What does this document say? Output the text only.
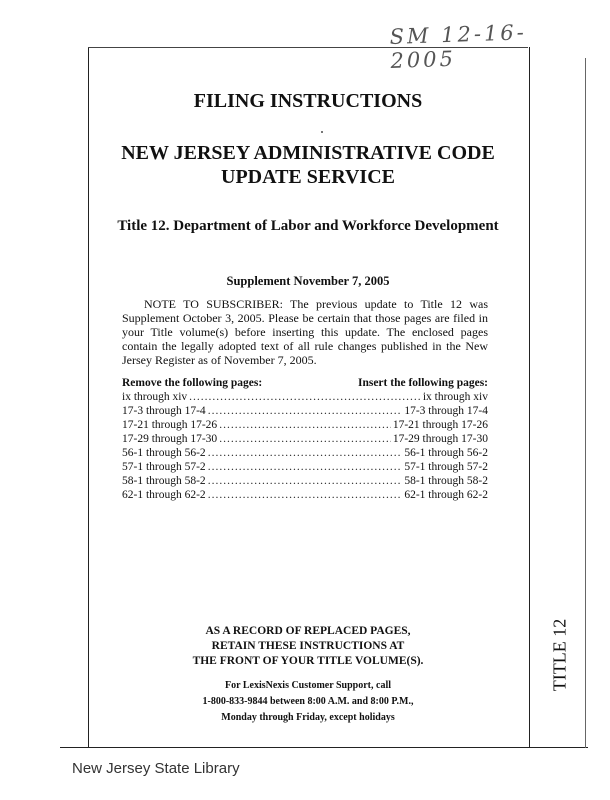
SM 12-16-2005
FILING INSTRUCTIONS
NEW JERSEY ADMINISTRATIVE CODE
UPDATE SERVICE
Title 12. Department of Labor and Workforce Development
Supplement November 7, 2005

NOTE TO SUBSCRIBER: The previous update to Title 12 was Supplement October 3, 2005. Please be certain that those pages are filed in your Title volume(s) before inserting this update. The enclosed pages contain the legally adopted text of all rule changes published in the New Jersey Register as of November 7, 2005.

Remove the following pages:	Insert the following pages:
ix through xiv .....	ix through xiv
17-3 through 17-4 .....	17-3 through 17-4
17-21 through 17-26 .....	17-21 through 17-26
17-29 through 17-30 .....	17-29 through 17-30
56-1 through 56-2 .....	56-1 through 56-2
57-1 through 57-2 .....	57-1 through 57-2
58-1 through 58-2 .....	58-1 through 58-2
62-1 through 62-2 .....	62-1 through 62-2
AS A RECORD OF REPLACED PAGES,
RETAIN THESE INSTRUCTIONS AT
THE FRONT OF YOUR TITLE VOLUME(S).
For LexisNexis Customer Support, call
1-800-833-9844 between 8:00 A.M. and 8:00 P.M.,
Monday through Friday, except holidays
TITLE 12
New Jersey State Library
